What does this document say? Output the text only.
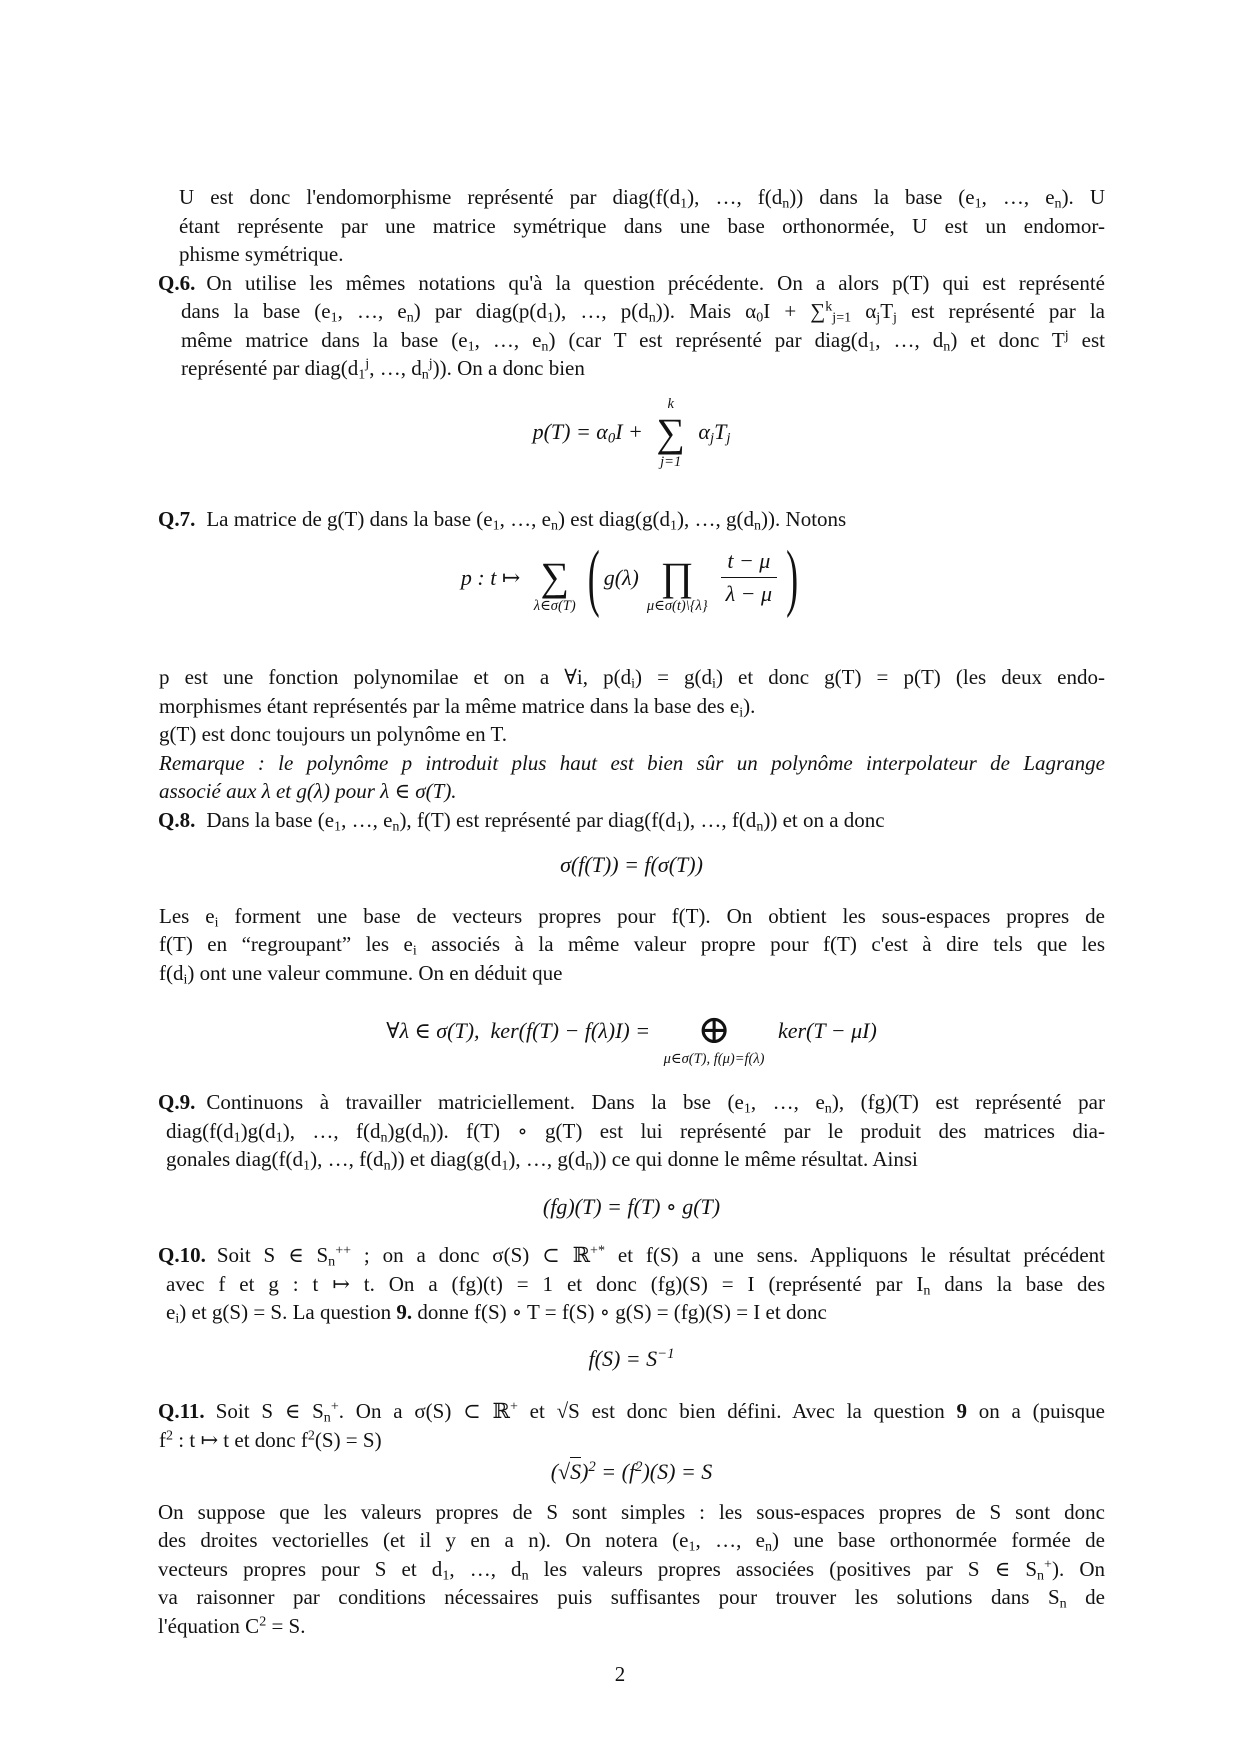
U est donc l'endomorphisme représenté par diag(f(d1), …, f(dn)) dans la base (e1, …, en). U
étant représente par une matrice symétrique dans une base orthonormée, U est un endomor-
phisme symétrique.
Q.6. On utilise les mêmes notations qu'à la question précédente. On a alors p(T) qui est représenté
dans la base (e1, …, en) par diag(p(d1), …, p(dn)). Mais α0I + ∑$^k$j=1 αjTj est représenté par la
même matrice dans la base (e1, …, en) (car T est représenté par diag(d1, …, dn) et donc $T^j$ est
représenté par diag(d1$^j$, …, $dn^j$)). On a donc bien
p(T) = α0I +
k
∑
j=1
αjTj
Q.7. La matrice de g(T) dans la base (e1, …, en) est diag(g(d1), …, g(dn)). Notons
p : t ↦ ∑
λ∈σ(T) ( g(λ) ∏
μ∈σ(t)\{λ} $\frac{t - \mu}{\lambda - \mu}$ )
p est une fonction polynomilae et on a ∀i, p(di) = g(di) et donc g(T) = p(T) (les deux endo-
morphismes étant représentés par la même matrice dans la base des ei).
g(T) est donc toujours un polynôme en T.
Remarque : le polynôme p introduit plus haut est bien sûr un polynôme interpolateur de Lagrange
associé aux λ et g(λ) pour λ ∈ σ(T).
Q.8. Dans la base (e1, …, en), f(T) est représenté par diag(f(d1), …, f(dn)) et on a donc
σ(f(T)) = f(σ(T))
Les ei forment une base de vecteurs propres pour f(T). On obtient les sous-espaces propres de
f(T) en “regroupant” les ei associés à la même valeur propre pour f(T) c'est à dire tels que les
f(di) ont une valeur commune. On en déduit que
∀λ ∈ σ(T),  ker(f(T) − f(λ)I) = ⊕
μ∈σ(T), f(μ)=f(λ)
ker(T − μI)
Q.9. Continuons à travailler matriciellement. Dans la bse (e1, …, en), (fg)(T) est représenté par
diag(f(d1)g(d1), …, f(dn)g(dn)). f(T) ∘ g(T) est lui représenté par le produit des matrices dia-
gonales diag(f(d1), …, f(dn)) et diag(g(d1), …, g(dn)) ce qui donne le même résultat. Ainsi
(fg)(T) = f(T) ∘ g(T)
Q.10. Soit S ∈ Sn++ ; on a donc σ(S) ⊂ ℝ+* et f(S) a une sens. Appliquons le résultat précédent
avec f et g : t ↦ t. On a (fg)(t) = 1 et donc (fg)(S) = I (représenté par In dans la base des
ei) et g(S) = S. La question 9. donne f(S) ∘ T = f(S) ∘ g(S) = (fg)(S) = I et donc
$f(S) = S^{-1}$
Q.11. Soit S ∈ Sn+. On a σ(S) ⊂ ℝ+ et √S est donc bien défini. Avec la question 9 on a (puisque
$f^2$ : t ↦ t et donc $f^2(S) = S$)
(√ S )$^2 = (f^2)(S) = S$
On suppose que les valeurs propres de S sont simples : les sous-espaces propres de S sont donc
des droites vectorielles (et il y en a n). On notera (e1, …, en) une base orthonormée formée de
vecteurs propres pour S et d1, …, dn les valeurs propres associées (positives par S ∈ Sn+). On
va raisonner par conditions nécessaires puis suffisantes pour trouver les solutions dans Sn de
l'équation $C^2 = S$.
2
